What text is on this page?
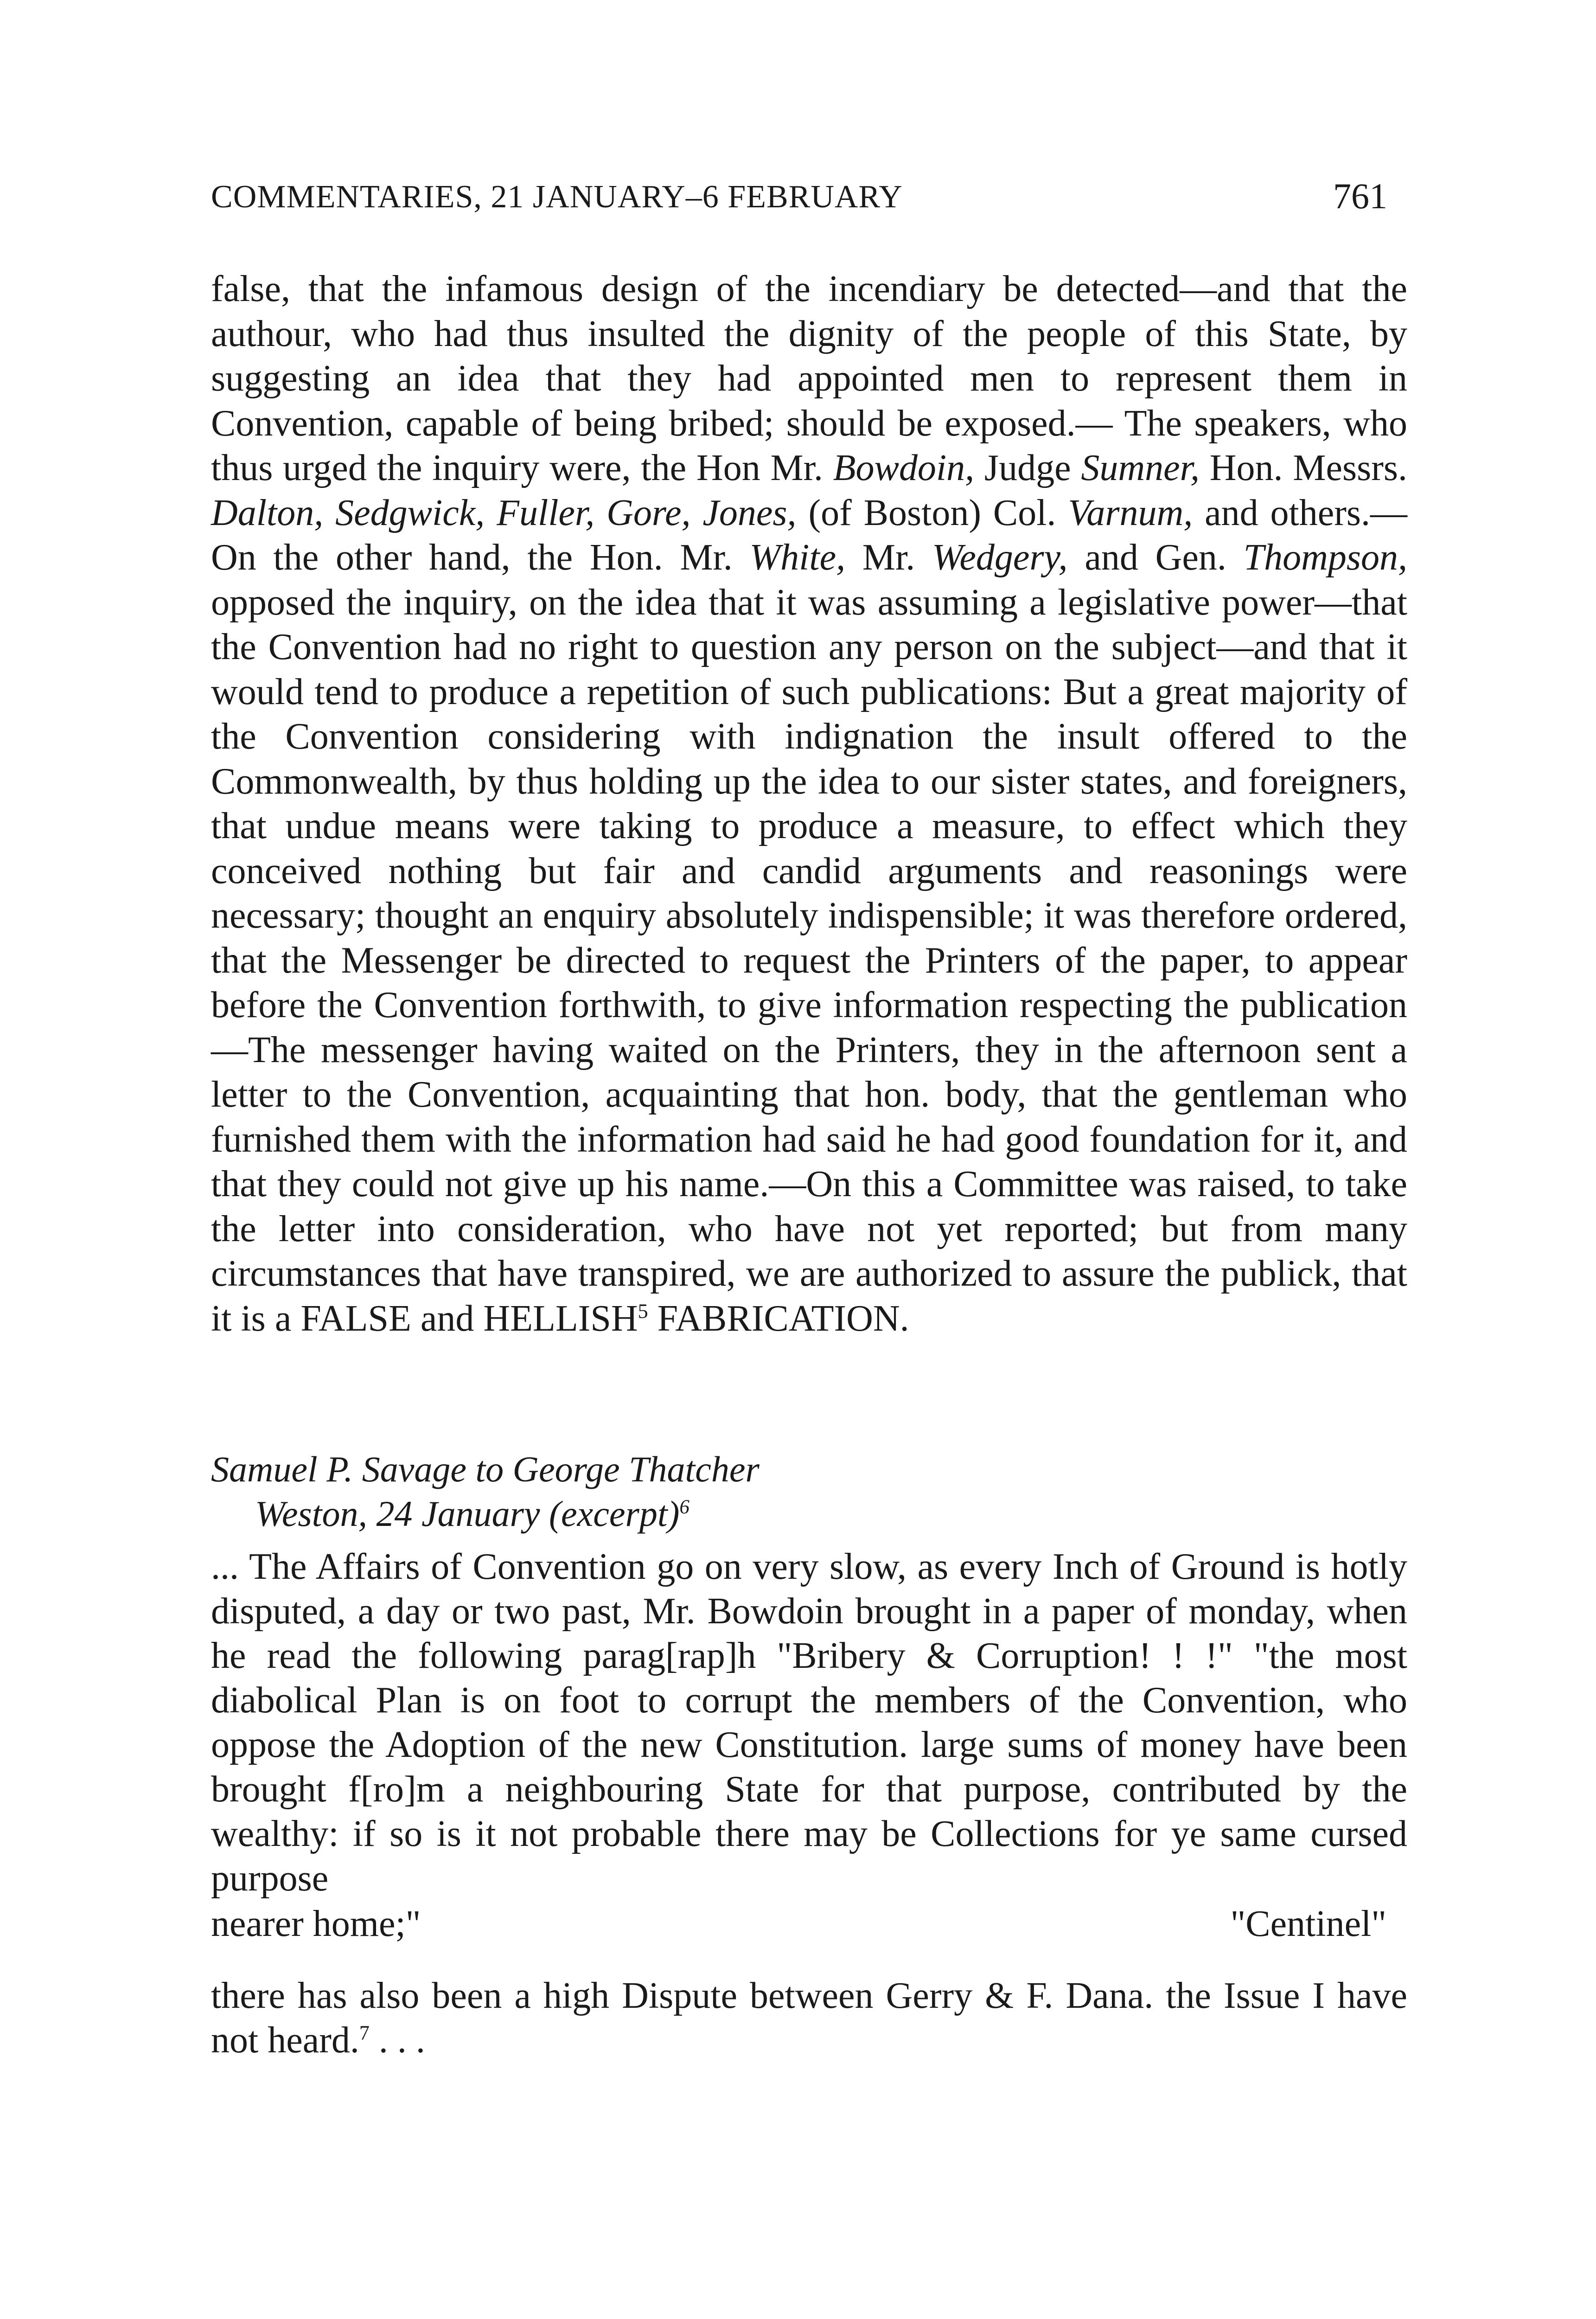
COMMENTARIES, 21 JANUARY–6 FEBRUARY	761

false, that the infamous design of the incendiary be detected—and that the authour, who had thus insulted the dignity of the people of this State, by suggesting an idea that they had appointed men to represent them in Convention, capable of being bribed; should be exposed.— The speakers, who thus urged the inquiry were, the Hon Mr. Bowdoin, Judge Sumner, Hon. Messrs. Dalton, Sedgwick, Fuller, Gore, Jones, (of Boston) Col. Varnum, and others.—On the other hand, the Hon. Mr. White, Mr. Wedgery, and Gen. Thompson, opposed the inquiry, on the idea that it was assuming a legislative power—that the Convention had no right to question any person on the subject—and that it would tend to produce a repetition of such publications: But a great majority of the Convention considering with indignation the insult offered to the Commonwealth, by thus holding up the idea to our sister states, and foreigners, that undue means were taking to produce a measure, to effect which they conceived nothing but fair and candid arguments and reasonings were necessary; thought an enquiry absolutely indispensible; it was therefore ordered, that the Messenger be directed to request the Printers of the paper, to appear before the Convention forthwith, to give information respecting the publication—The messenger having waited on the Printers, they in the afternoon sent a letter to the Convention, acquainting that hon. body, that the gentleman who furnished them with the information had said he had good foundation for it, and that they could not give up his name.—On this a Committee was raised, to take the letter into consideration, who have not yet reported; but from many circumstances that have transpired, we are authorized to assure the publick, that it is a FALSE and HELLISH$^5$ FABRICATION.

Samuel P. Savage to George Thatcher
Weston, 24 January (excerpt)$^6$

... The Affairs of Convention go on very slow, as every Inch of Ground is hotly disputed, a day or two past, Mr. Bowdoin brought in a paper of monday, when he read the following parag[rap]h "Bribery & Corruption! ! !" "the most diabolical Plan is on foot to corrupt the members of the Convention, who oppose the Adoption of the new Constitution. large sums of money have been brought f[ro]m a neighbouring State for that purpose, contributed by the wealthy: if so is it not probable there may be Collections for ye same cursed purpose

nearer home;"	"Centinel"

there has also been a high Dispute between Gerry & F. Dana. the Issue I have not heard.$^7$ . . .
